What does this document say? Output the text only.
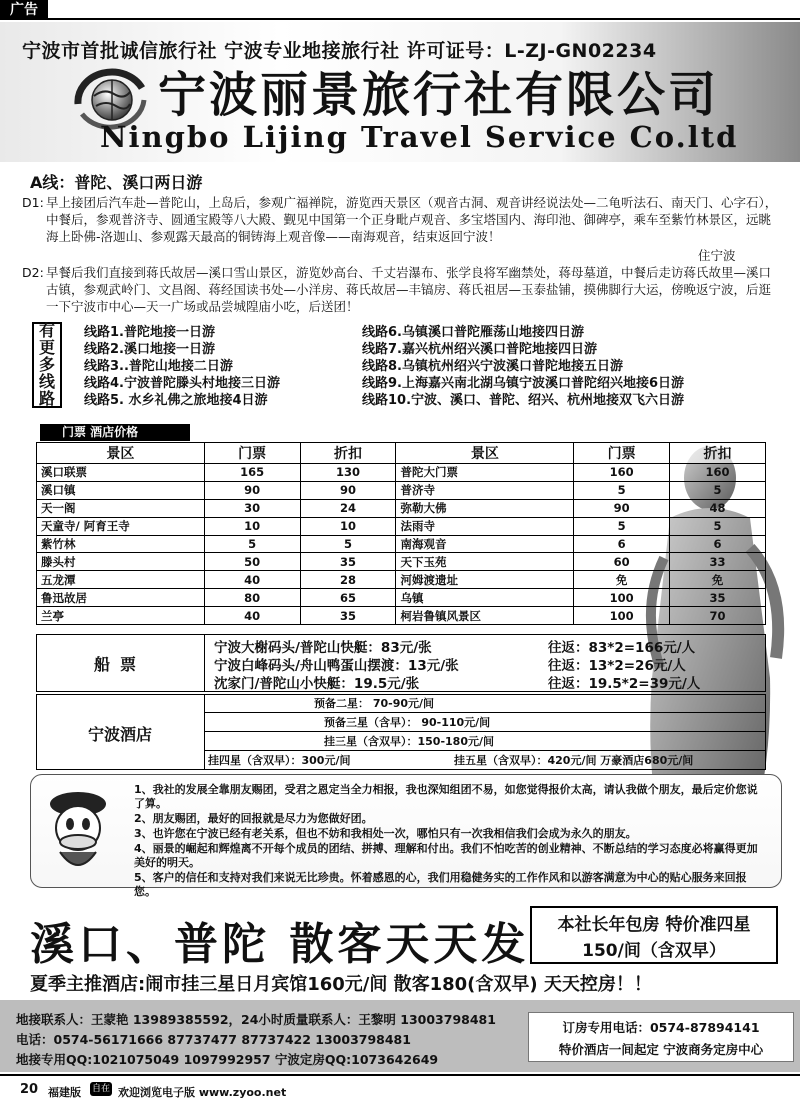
广告
宁波市首批诚信旅行社 宁波专业地接旅行社 许可证号：L-ZJ-GN02234
宁波丽景旅行社有限公司
Ningbo Lijing Travel Service Co.ltd
A线：普陀、溪口两日游
D1: 早上接团后汽车赴—普陀山，上岛后，参观广福禅院，游览西天景区（观音古洞、观音讲经说法处—二龟听法石、南天门、心字石），中餐后，参观普济寺、圆通宝殿等八大殿、觐见中国第一个正身毗卢观音、多宝塔国内、海印池、御碑亭，乘车至紫竹林景区，远眺海上卧佛-洛迦山、参观露天最高的铜铸海上观音像——南海观音，结束返回宁波！
住宁波
D2: 早餐后我们直接到蒋氏故居—溪口雪山景区，游览妙高台、千丈岩瀑布、张学良将军幽禁处，蒋母墓道，中餐后走访蒋氏故里—溪口古镇，参观武岭门、文昌阁、蒋经国读书处—小洋房、蒋氏故居—丰镐房、蒋氏祖居—玉泰盐铺，摸佛脚行大运，傍晚返宁波，后逛一下宁波市中心—天一广场或品尝城隍庙小吃，后送团！
有
更
多
线
路
线路1.普陀地接一日游
线路2.溪口地接一日游
线路3..普陀山地接二日游
线路4.宁波普陀滕头村地接三日游
线路5. 水乡礼佛之旅地接4日游
线路6.乌镇溪口普陀雁荡山地接四日游
线路7.嘉兴杭州绍兴溪口普陀地接四日游
线路8.乌镇杭州绍兴宁波溪口普陀地接五日游
线路9.上海嘉兴南北湖乌镇宁波溪口普陀绍兴地接6日游
线路10.宁波、溪口、普陀、绍兴、杭州地接双飞六日游
门票 酒店价格
景区	门票	折扣	景区	门票	折扣
溪口联票	165	130	普陀大门票	160	160
溪口镇	90	90	普济寺	5	5
天一阁	30	24	弥勒大佛	90	48
天童寺/ 阿育王寺	10	10	法雨寺	5	5
紫竹林	5	5	南海观音	6	6
滕头村	50	35	天下玉苑	60	33
五龙潭	40	28	河姆渡遗址	免	免
鲁迅故居	80	65	乌镇	100	35
兰亭	40	35	柯岩鲁镇风景区	100	70
船票
宁波大榭码头/普陀山快艇：83元/张	往返：83*2=166元/人
宁波白峰码头/舟山鸭蛋山摆渡：13元/张	往返：13*2=26元/人
沈家门/普陀山小快艇：19.5元/张	往返：19.5*2=39元/人
宁波酒店
预备二星： 70-90元/间
预备三星（含早）： 90-110元/间
挂三星（含双早）：150-180元/间
挂四星（含双早）：300元/间	挂五星（含双早）：420元/间 万豪酒店680元/间
1、我社的发展全靠朋友赐团，受君之恩定当全力相报，我也深知组团不易，如您觉得报价太高，请认我做个朋友，最后定价您说了算。
2、朋友赐团，最好的回报就是尽力为您做好团。
3、也许您在宁波已经有老关系，但也不妨和我相处一次，哪怕只有一次我相信我们会成为永久的朋友。
4、丽景的崛起和辉煌离不开每个成员的团结、拼搏、理解和付出。我们不怕吃苦的创业精神、不断总结的学习态度必将赢得更加美好的明天。
5、客户的信任和支持对我们来说无比珍贵。怀着感恩的心，我们用稳健务实的工作作风和以游客满意为中心的贴心服务来回报您。
溪口、普陀 散客天天发	本社长年包房 特价准四星
150/间（含双早）
夏季主推酒店:闹市挂三星日月宾馆160元/间 散客180(含双早) 天天控房！！
地接联系人：王蒙艳 13989385592，24小时质量联系人：王黎明 13003798481
电话：0574-56171666 87737477 87737422 13003798481
地接专用QQ:1021075049 1097992957 宁波定房QQ:1073642649
订房专用电话：0574-87894141
特价酒店一间起定 宁波商务定房中心
20 福建版 自在 欢迎浏览电子版 www.zyoo.net
